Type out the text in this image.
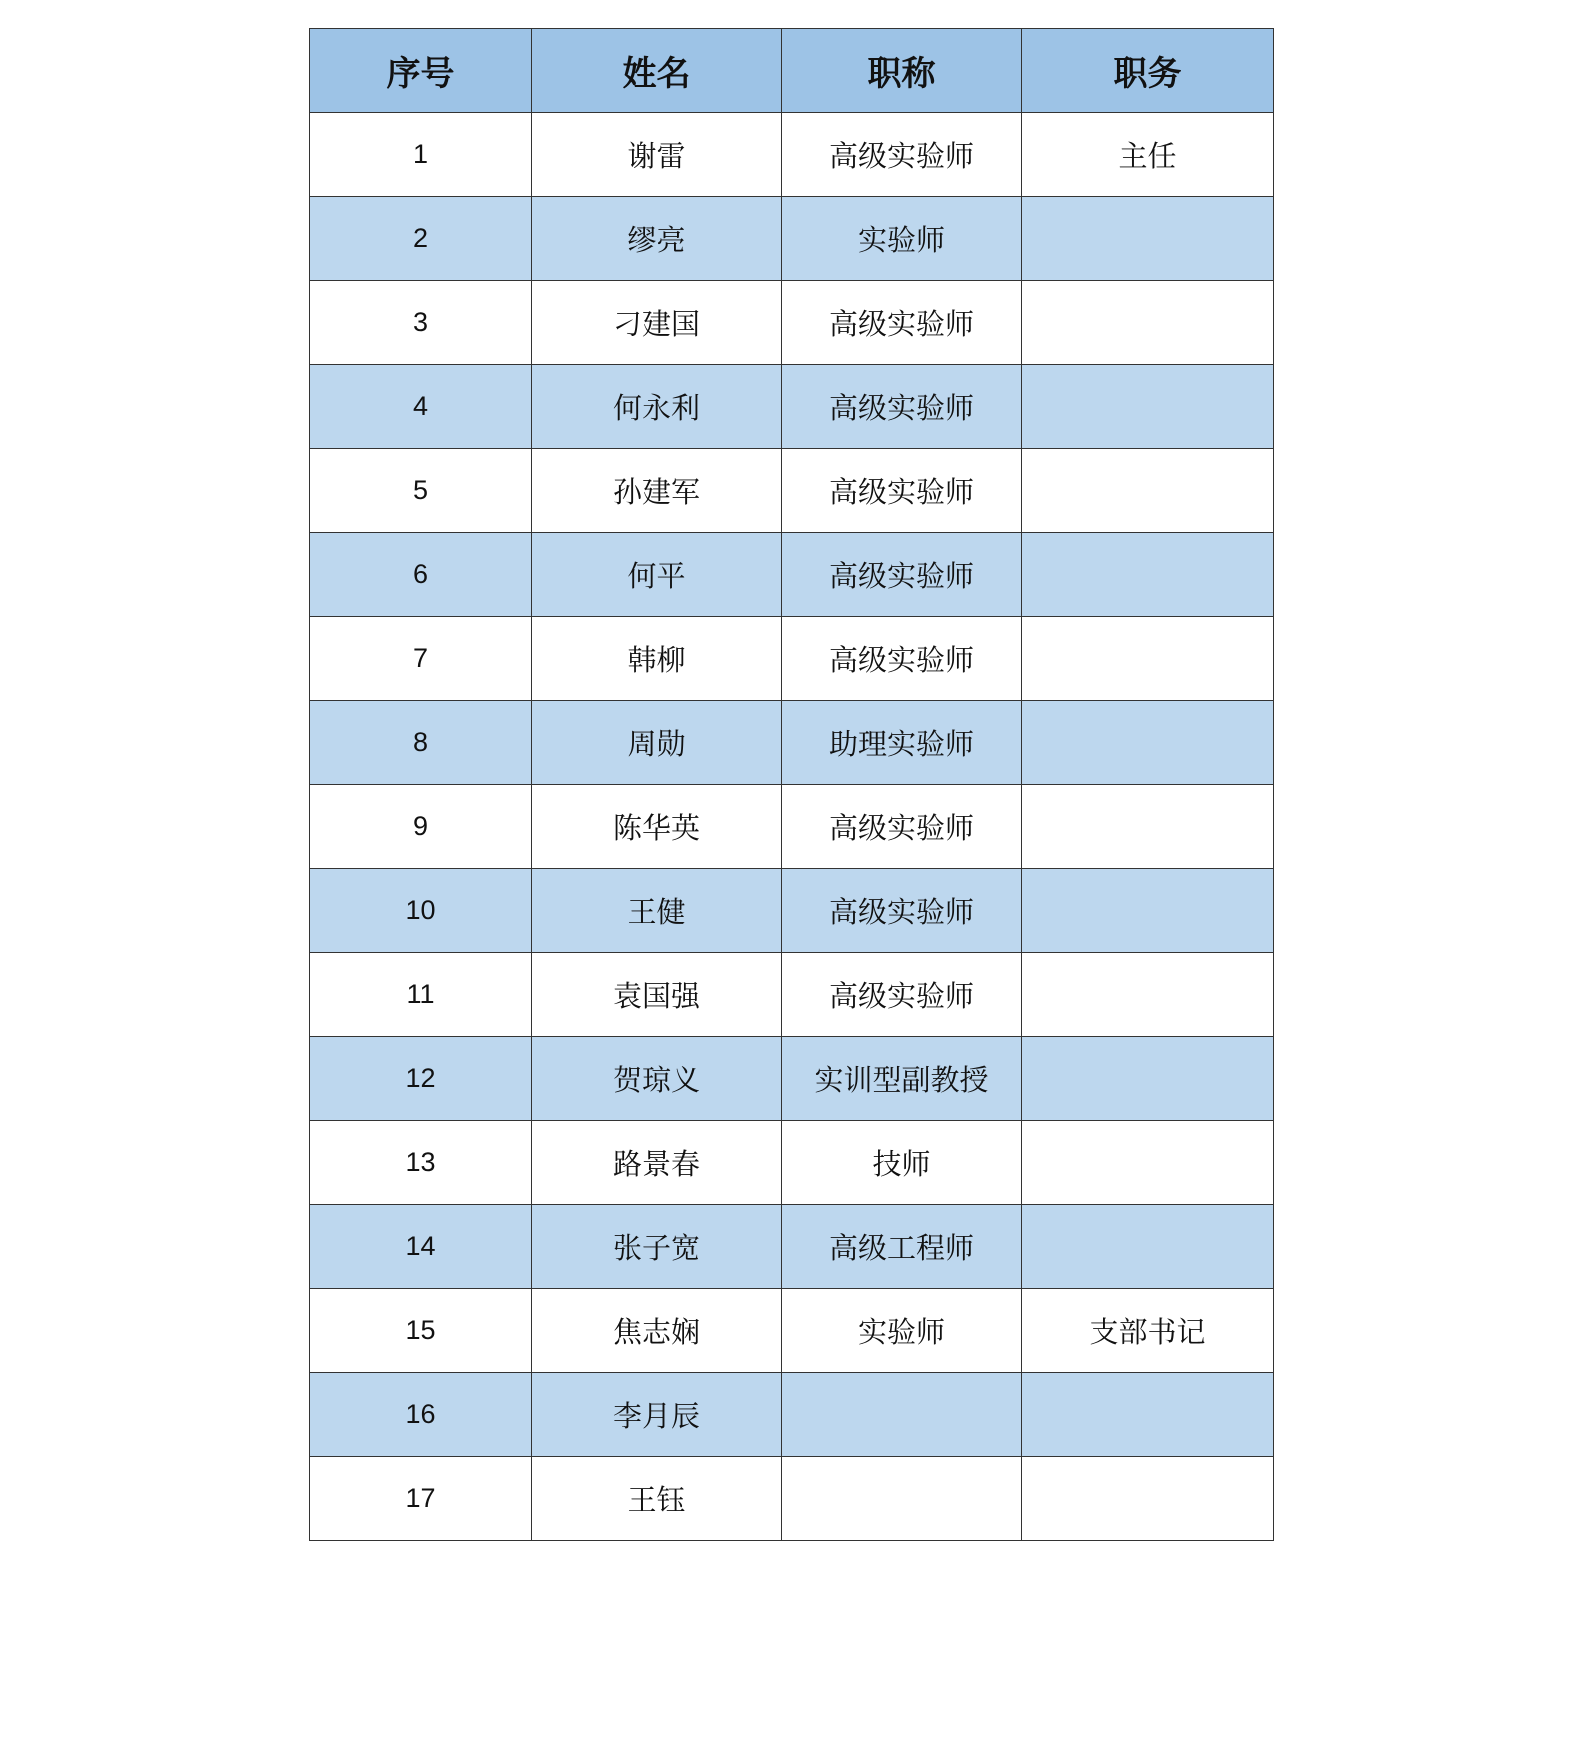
序号	姓名	职称	职务
1	谢雷	高级实验师	主任
2	缪亮	实验师	
3	刁建国	高级实验师	
4	何永利	高级实验师	
5	孙建军	高级实验师	
6	何平	高级实验师	
7	韩柳	高级实验师	
8	周勋	助理实验师	
9	陈华英	高级实验师	
10	王健	高级实验师	
11	袁国强	高级实验师	
12	贺琼义	实训型副教授	
13	路景春	技师	
14	张子宽	高级工程师	
15	焦志娴	实验师	支部书记
16	李月辰		
17	王钰		
